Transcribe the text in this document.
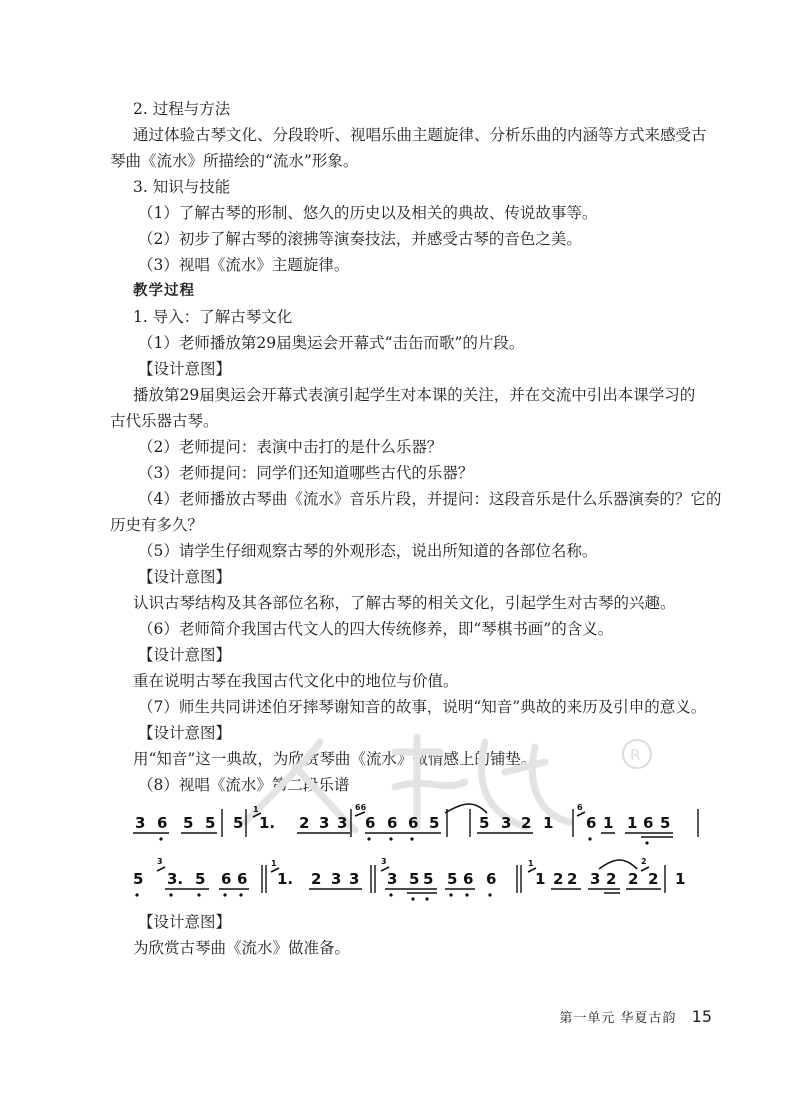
2. 过程与方法
通过体验古琴文化、分段聆听、视唱乐曲主题旋律、分析乐曲的内涵等方式来感受古
琴曲《流水》所描绘的“流水”形象。
3. 知识与技能
（1）了解古琴的形制、悠久的历史以及相关的典故、传说故事等。
（2）初步了解古琴的滚拂等演奏技法，并感受古琴的音色之美。
（3）视唱《流水》主题旋律。
教学过程
1. 导入：了解古琴文化
（1）老师播放第29届奥运会开幕式“击缶而歌”的片段。
【设计意图】
播放第29届奥运会开幕式表演引起学生对本课的关注，并在交流中引出本课学习的
古代乐器古琴。
（2）老师提问：表演中击打的是什么乐器？
（3）老师提问：同学们还知道哪些古代的乐器？
（4）老师播放古琴曲《流水》音乐片段，并提问：这段音乐是什么乐器演奏的？它的
历史有多久？
（5）请学生仔细观察古琴的外观形态，说出所知道的各部位名称。
【设计意图】
认识古琴结构及其各部位名称，了解古琴的相关文化，引起学生对古琴的兴趣。
（6）老师简介我国古代文人的四大传统修养，即“琴棋书画”的含义。
【设计意图】
重在说明古琴在我国古代文化中的地位与价值。
（7）师生共同讲述伯牙摔琴谢知音的故事，说明“知音”典故的来历及引申的意义。
【设计意图】
用“知音”这一典故，为欣赏琴曲《流水》做情感上的铺垫。
（8）视唱《流水》第二段乐谱
R
3 6 5 5 5 1. 2 3 3 6 6 6 5	5 3 2 1 6 1 1 6 5
1	66	6
5 3. 5 6 6 1. 2 3 3 3 5 5 5 6 6	1 2 2 3 2 2 2 1
3	1	3	1	2
【设计意图】
为欣赏古琴曲《流水》做准备。
第一单元 华夏古韵 15
